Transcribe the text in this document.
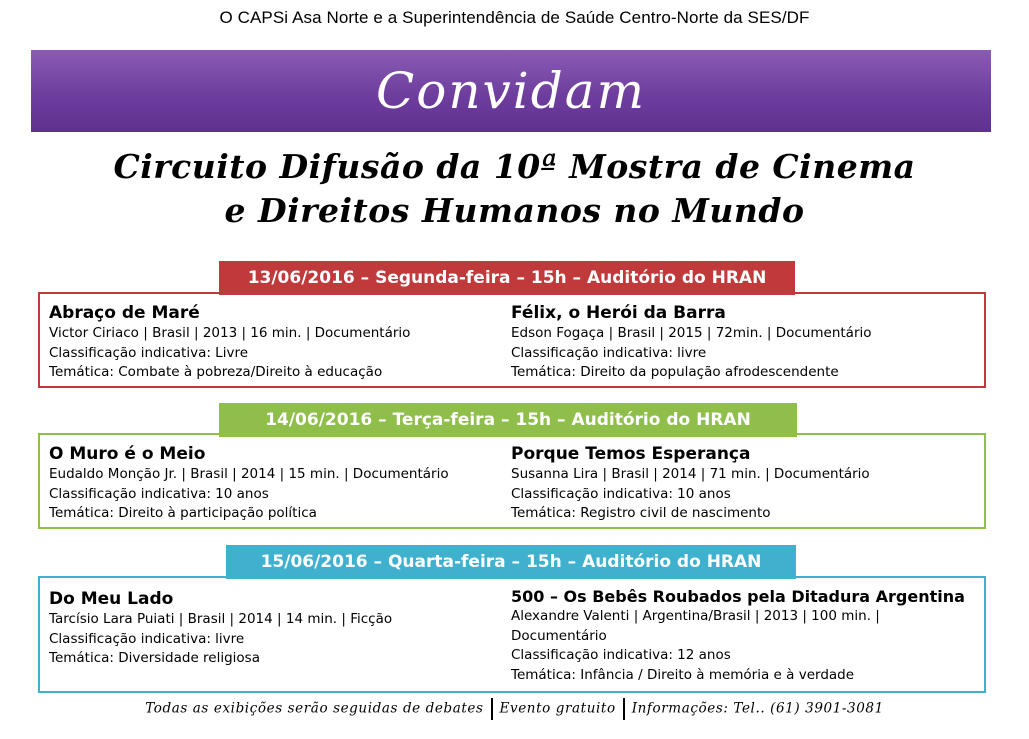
O CAPSi Asa Norte e a Superintendência de Saúde Centro-Norte da SES/DF
Convidam
Circuito Difusão da 10ª Mostra de Cinema
e Direitos Humanos no Mundo
Abraço de Maré
Victor Ciriaco | Brasil | 2013 | 16 min. | Documentário
Classificação indicativa: Livre
Temática: Combate à pobreza/Direito à educação
Félix, o Herói da Barra
Edson Fogaça | Brasil | 2015 | 72min. | Documentário
Classificação indicativa: livre
Temática: Direito da população afrodescendente
13/06/2016 – Segunda-feira – 15h – Auditório do HRAN
O Muro é o Meio
Eudaldo Monção Jr. | Brasil | 2014 | 15 min. | Documentário
Classificação indicativa: 10 anos
Temática: Direito à participação política
Porque Temos Esperança
Susanna Lira | Brasil | 2014 | 71 min. | Documentário
Classificação indicativa: 10 anos
Temática: Registro civil de nascimento
14/06/2016 – Terça-feira – 15h – Auditório do HRAN
Do Meu Lado
Tarcísio Lara Puiati | Brasil | 2014 | 14 min. | Ficção
Classificação indicativa: livre
Temática: Diversidade religiosa
500 – Os Bebês Roubados pela Ditadura Argentina
Alexandre Valenti | Argentina/Brasil | 2013 | 100 min. |
Documentário
Classificação indicativa: 12 anos
Temática: Infância / Direito à memória e à verdade
15/06/2016 – Quarta-feira – 15h – Auditório do HRAN
Todas as exibições serão seguidas de debates Evento gratuito Informações: Tel.. (61) 3901-3081
